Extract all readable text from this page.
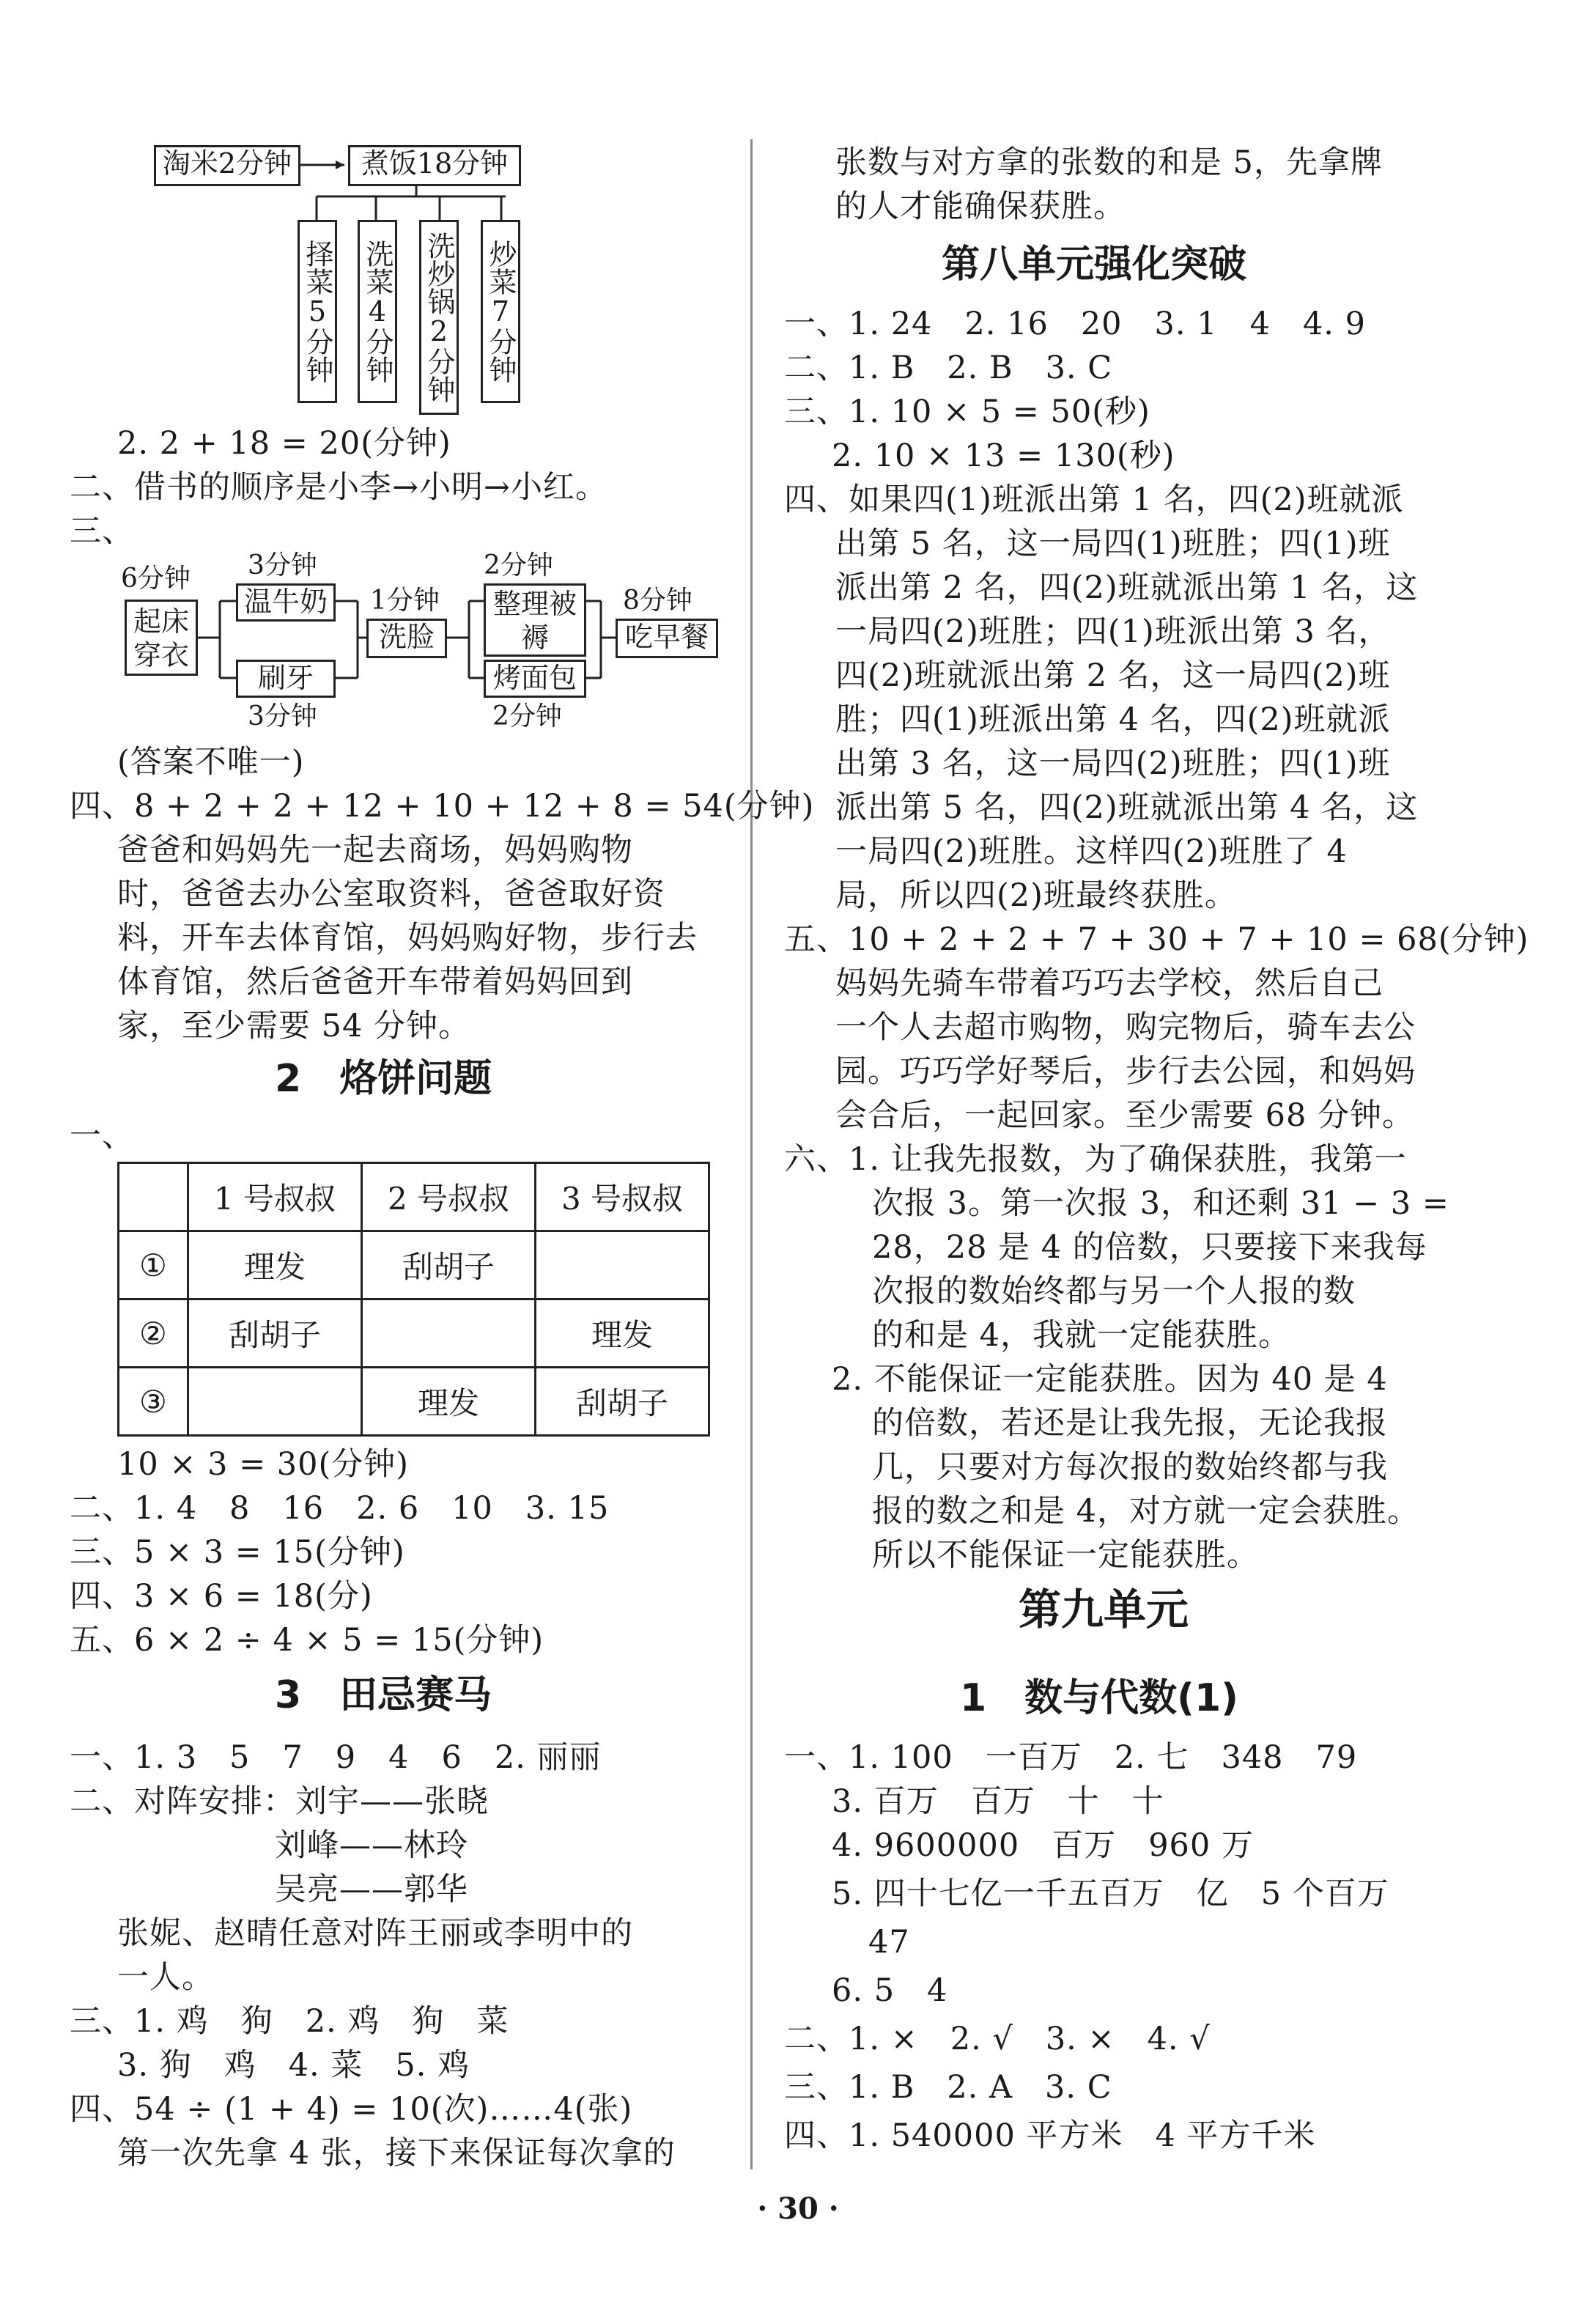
淘米2分钟	煮饭18分钟
择菜5分钟 洗菜4分钟 洗炒锅2分钟 炒菜7分钟
2. 2 + 18 = 20(分钟)
二、借书的顺序是小李→小明→小红。
三、
6分钟
起床穿衣
3分钟
温牛奶
刷牙
3分钟
1分钟
洗脸
2分钟
整理被褥
烤面包
2分钟
8分钟
吃早餐
(答案不唯一)
四、8 + 2 + 2 + 12 + 10 + 12 + 8 = 54(分钟)
爸爸和妈妈先一起去商场，妈妈购物
时，爸爸去办公室取资料，爸爸取好资
料，开车去体育馆，妈妈购好物，步行去
体育馆，然后爸爸开车带着妈妈回到
家，至少需要 54 分钟。
2　烙饼问题
一、
	1 号叔叔	2 号叔叔	3 号叔叔
①	理发	刮胡子	
②	刮胡子		理发
③		理发	刮胡子
10 × 3 = 30(分钟)
二、1. 4　8　16　2. 6　10　3. 15
三、5 × 3 = 15(分钟)
四、3 × 6 = 18(分)
五、6 × 2 ÷ 4 × 5 = 15(分钟)
3　田忌赛马
一、1. 3　5　7　9　4　6　2. 丽丽
二、对阵安排：刘宇——张晓
刘峰——林玲
吴亮——郭华
张妮、赵晴任意对阵王丽或李明中的
一人。
三、1. 鸡　狗　2. 鸡　狗　菜
3. 狗　鸡　4. 菜　5. 鸡
四、54 ÷ (1 + 4) = 10(次)……4(张)
第一次先拿 4 张，接下来保证每次拿的
张数与对方拿的张数的和是 5，先拿牌
的人才能确保获胜。
第八单元强化突破
一、1. 24　2. 16　20　3. 1　4　4. 9
二、1. B　2. B　3. C
三、1. 10 × 5 = 50(秒)
2. 10 × 13 = 130(秒)
四、如果四(1)班派出第 1 名，四(2)班就派
出第 5 名，这一局四(1)班胜；四(1)班
派出第 2 名，四(2)班就派出第 1 名，这
一局四(2)班胜；四(1)班派出第 3 名，
四(2)班就派出第 2 名，这一局四(2)班
胜；四(1)班派出第 4 名，四(2)班就派
出第 3 名，这一局四(2)班胜；四(1)班
派出第 5 名，四(2)班就派出第 4 名，这
一局四(2)班胜。这样四(2)班胜了 4
局，所以四(2)班最终获胜。
五、10 + 2 + 2 + 7 + 30 + 7 + 10 = 68(分钟)
妈妈先骑车带着巧巧去学校，然后自己
一个人去超市购物，购完物后，骑车去公
园。巧巧学好琴后，步行去公园，和妈妈
会合后，一起回家。至少需要 68 分钟。
六、1. 让我先报数，为了确保获胜，我第一
次报 3。第一次报 3，和还剩 31 − 3 =
28，28 是 4 的倍数，只要接下来我每
次报的数始终都与另一个人报的数
的和是 4，我就一定能获胜。
2. 不能保证一定能获胜。因为 40 是 4
的倍数，若还是让我先报，无论我报
几，只要对方每次报的数始终都与我
报的数之和是 4，对方就一定会获胜。
所以不能保证一定能获胜。
第九单元
1　数与代数(1)
一、1. 100　一百万　2. 七　348　79
3. 百万　百万　十　十
4. 9600000　百万　960 万
5. 四十七亿一千五百万　亿　5 个百万
47
6. 5　4
二、1. ×　2. √　3. ×　4. √
三、1. B　2. A　3. C
四、1. 540000 平方米　4 平方千米
· 30 ·
